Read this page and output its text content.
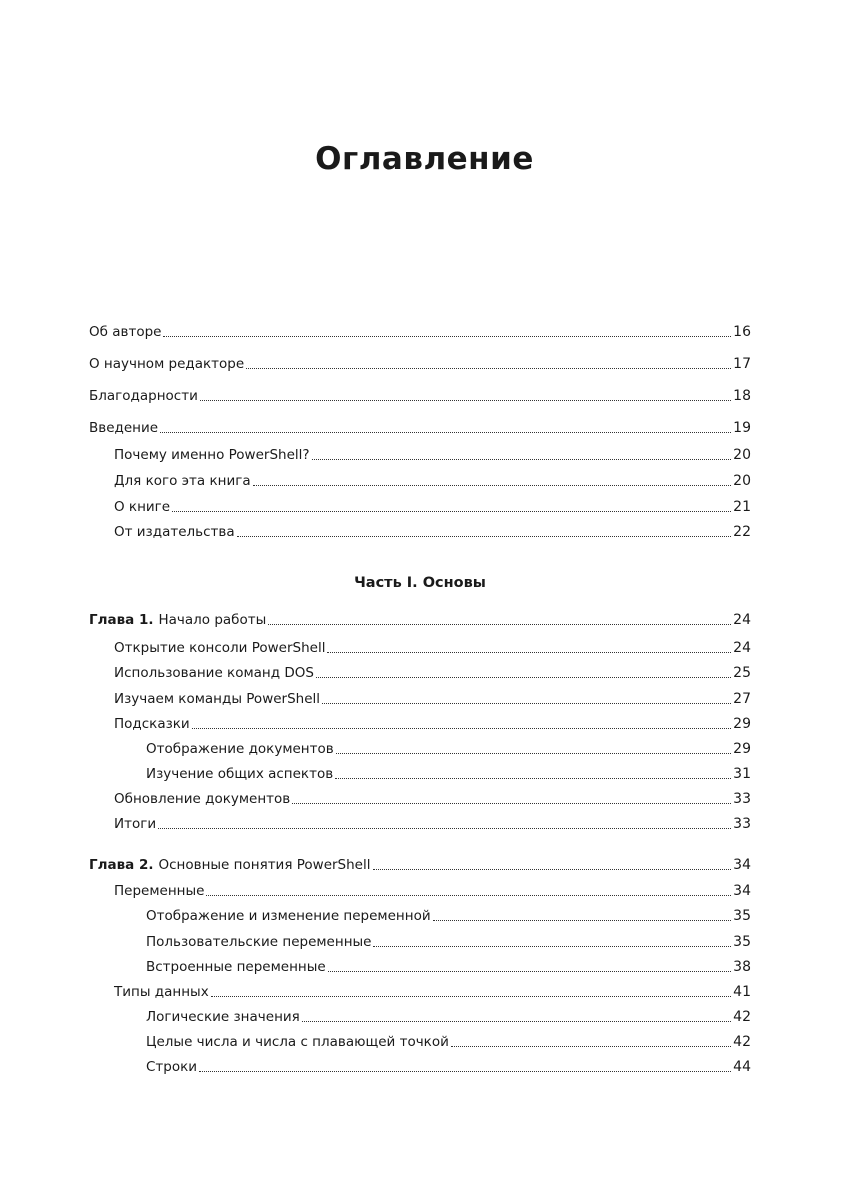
Оглавление
Об авторе	16
О научном редакторе	17
Благодарности	18
Введение	19
Почему именно PowerShell?	20
Для кого эта книга	20
О книге	21
От издательства	22
Часть I. Основы
Глава 1. Начало работы	24
Открытие консоли PowerShell	24
Использование команд DOS	25
Изучаем команды PowerShell	27
Подсказки	29
Отображение документов	29
Изучение общих аспектов	31
Обновление документов	33
Итоги	33
Глава 2. Основные понятия PowerShell	34
Переменные	34
Отображение и изменение переменной	35
Пользовательские переменные	35
Встроенные переменные	38
Типы данных	41
Логические значения	42
Целые числа и числа с плавающей точкой	42
Строки	44
